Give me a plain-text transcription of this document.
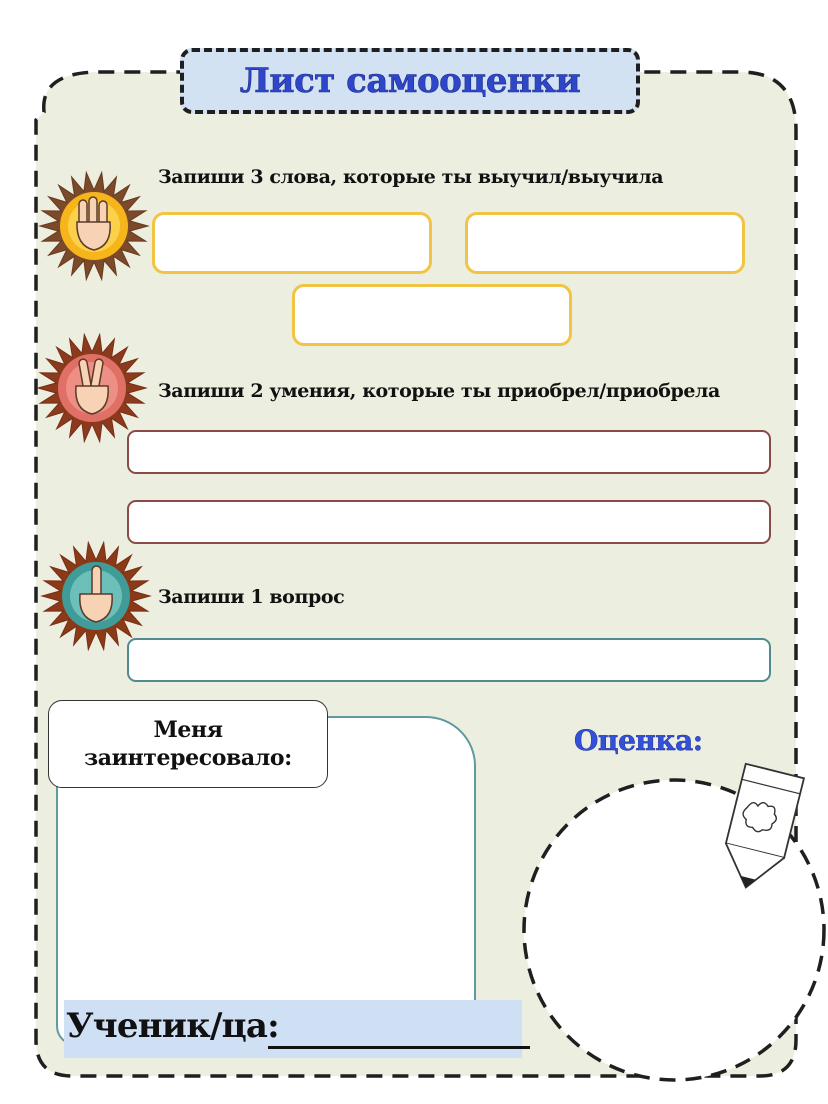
Лист самооценки
Запиши 3 слова, которые ты выучил/выучила
Запиши 2 умения, которые ты приобрел/приобрела
Запиши 1 вопрос
Меня
заинтересовало:
Оценка:
Ученик/ца:
